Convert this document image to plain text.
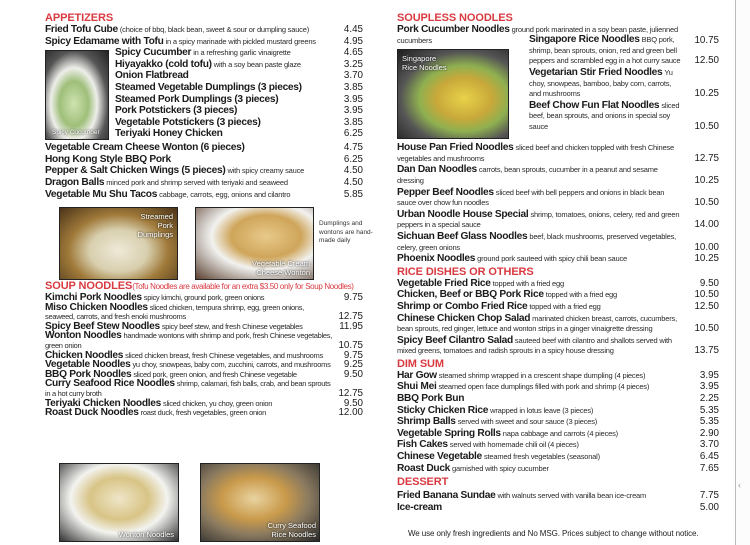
APPETIZERS
Fried Tofu Cube (choice of bbq, black bean, sweet & sour or dumpling sauce)	4.45
Spicy Edamame with Tofu in a spicy marinade with pickled mustard greens	4.95
Spicy Cucumber
Spicy Cucumber in a refreshing garlic vinaigrette	4.65
Hiyayakko (cold tofu) with a soy bean paste glaze	3.25
Onion Flatbread	3.70
Steamed Vegetable Dumplings (3 pieces)	3.85
Steamed Pork Dumplings (3 pieces)	3.95
Pork Potstickers (3 pieces)	3.95
Vegetable Potstickers (3 pieces)	3.85
Teriyaki Honey Chicken	6.25
Vegetable Cream Cheese Wonton (6 pieces)	4.75
Hong Kong Style BBQ Pork	6.25
Pepper & Salt Chicken Wings (5 pieces) with spicy creamy sauce	4.50
Dragon Balls minced pork and shrimp served with teriyaki and seaweed	4.50
Vegetable Mu Shu Tacos cabbage, carrots, egg, onions and cilantro	5.85
Streamed Pork Dumplings
Vegetable Cream Cheese Wonton
Dumplings and wontons are hand-made daily
SOUP NOODLES(Tofu Noodles are available for an extra $3.50 only for Soup Noodles)
Kimchi Pork Noodles spicy kimchi, ground pork, green onions	9.75
Miso Chicken Noodles sliced chicken, tempura shrimp, egg, green onions, seaweed, carrots, and fresh enoki mushrooms	12.75
Spicy Beef Stew Noodles spicy beef stew, and fresh Chinese vegetables	11.95
Wonton Noodles handmade wontons with shrimp and pork, fresh Chinese vegetables, green onion	10.75
Chicken Noodles sliced chicken breast, fresh Chinese vegetables, and mushrooms	9.75
Vegetable Noodles yu choy, snowpeas, baby corn, zucchini, carrots, and mushrooms	9.25
BBQ Pork Noodles sliced pork, green onion, and fresh Chinese vegetable	9.50
Curry Seafood Rice Noodles shrimp, calamari, fish balls, crab, and bean sprouts in a hot curry broth	12.75
Teriyaki Chicken Noodles sliced chicken, yu choy, green onion	9.50
Roast Duck Noodles roast duck, fresh vegetables, green onion	12.00
Wonton Noodles
Curry Seafood Rice Noodles
SOUPLESS NOODLES
Pork Cucumber Noodles ground pork marinated in a soy bean paste, julienned cucumbers	10.75
Singapore Rice Noodles
Singapore Rice Noodles BBQ pork, shrimp, bean sprouts, onion, red and green bell peppers and scrambled egg in a hot curry sauce	12.50
Vegetarian Stir Fried Noodles Yu choy, snowpeas, bamboo, baby corn, carrots, and mushrooms	10.25
Beef Chow Fun Flat Noodles sliced beef, bean sprouts, and onions in special soy sauce	10.50
House Pan Fried Noodles sliced beef and chicken toppled with fresh Chinese vegetables and mushrooms	12.75
Dan Dan Noodles carrots, bean sprouts, cucumber in a peanut and sesame dressing	10.25
Pepper Beef Noodles sliced beef with bell peppers and onions in black bean sauce over chow fun noodles	10.50
Urban Noodle House Special shrimp, tomatoes, onions, celery, red and green peppers in a special sauce	14.00
Sichuan Beef Glass Noodles beef, black mushrooms, preserved vegetables, celery, green onions	10.00
Phoenix Noodles ground pork sauteed with spicy chili bean sauce	10.25
RICE DISHES OR OTHERS
Vegetable Fried Rice topped with a fried egg	9.50
Chicken, Beef or BBQ Pork Rice topped with a fried egg	10.50
Shrimp or Combo Fried Rice topped with a fried egg	12.50
Chinese Chicken Chop Salad marinated chicken breast, carrots, cucumbers, bean sprouts, red ginger, lettuce and wonton strips in a ginger vinaigrette dressing	10.50
Spicy Beef Cilantro Salad sauteed beef with cilantro and shallots served with mixed greens, tomatoes and radish sprouts in a spicy house dressing	13.75
DIM SUM
Har Gow steamed shrimp wrapped in a crescent shape dumpling (4 pieces)	3.95
Shui Mei steamed open face dumplings filled with pork and shrimp (4 pieces)	3.95
BBQ Pork Bun	2.25
Sticky Chicken Rice wrapped in lotus leave (3 pieces)	5.35
Shrimp Balls served with sweet and sour sauce (3 pieces)	5.35
Vegetable Spring Rolls napa cabbage and carrots (4 pieces)	2.90
Fish Cakes served with homemade chili oil (4 pieces)	3.70
Chinese Vegetable steamed fresh vegetables (seasonal)	6.45
Roast Duck garnished with spicy cucumber	7.65
DESSERT
Fried Banana Sundae with walnuts served with vanilla bean ice-cream	7.75
Ice-cream	5.00
We use only fresh ingredients and No MSG. Prices subject to change without notice.
‹
